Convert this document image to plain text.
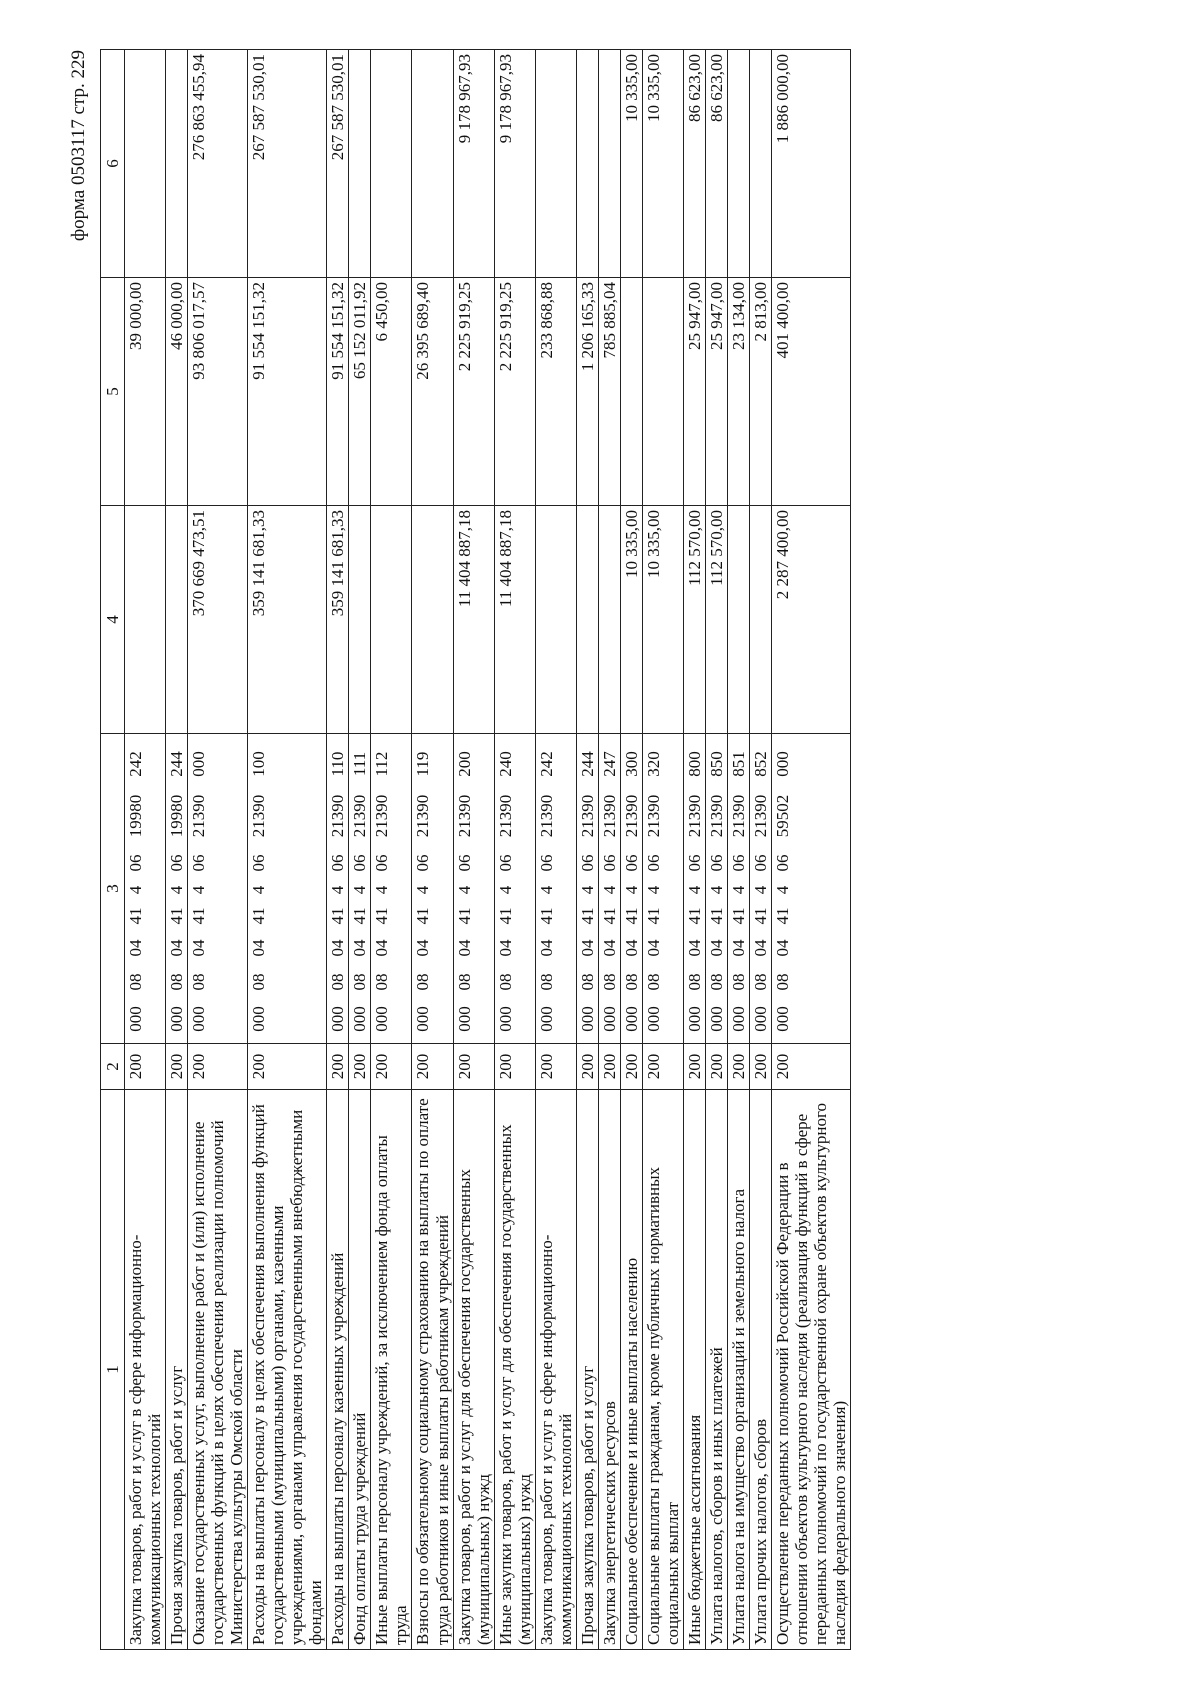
форма 0503117 стр. 229
1	2	3	4	5	6
Закупка товаров, работ и услуг в сфере информационно-коммуникационных технологий	200	00008044140619980242		39 000,00	
Прочая закупка товаров, работ и услуг	200	00008044140619980244		46 000,00	
Оказание государственных услуг, выполнение работ и (или) исполнение государственных функций в целях обеспечения реализации полномочий Министерства культуры Омской области	200	00008044140621390000	370 669 473,51	93 806 017,57	276 863 455,94
Расходы на выплаты персоналу в целях обеспечения выполнения функций государственными (муниципальными) органами, казенными учреждениями, органами управления государственными внебюджетными фондами	200	00008044140621390100	359 141 681,33	91 554 151,32	267 587 530,01
Расходы на выплаты персоналу казенных учреждений	200	00008044140621390110	359 141 681,33	91 554 151,32	267 587 530,01
Фонд оплаты труда учреждений	200	00008044140621390111		65 152 011,92	
Иные выплаты персоналу учреждений, за исключением фонда оплаты труда	200	00008044140621390112		6 450,00	
Взносы по обязательному социальному страхованию на выплаты по оплате труда работников и иные выплаты работникам учреждений	200	00008044140621390119		26 395 689,40	
Закупка товаров, работ и услуг для обеспечения государственных (муниципальных) нужд	200	00008044140621390200	11 404 887,18	2 225 919,25	9 178 967,93
Иные закупки товаров, работ и услуг для обеспечения государственных (муниципальных) нужд	200	00008044140621390240	11 404 887,18	2 225 919,25	9 178 967,93
Закупка товаров, работ и услуг в сфере информационно-коммуникационных технологий	200	00008044140621390242		233 868,88	
Прочая закупка товаров, работ и услуг	200	00008044140621390244		1 206 165,33	
Закупка энергетических ресурсов	200	00008044140621390247		785 885,04	
Социальное обеспечение и иные выплаты населению	200	00008044140621390300	10 335,00		10 335,00
Социальные выплаты гражданам, кроме публичных нормативных социальных выплат	200	00008044140621390320	10 335,00		10 335,00
Иные бюджетные ассигнования	200	00008044140621390800	112 570,00	25 947,00	86 623,00
Уплата налогов, сборов и иных платежей	200	00008044140621390850	112 570,00	25 947,00	86 623,00
Уплата налога на имущество организаций и земельного налога	200	00008044140621390851		23 134,00	
Уплата прочих налогов, сборов	200	00008044140621390852		2 813,00	
Осуществление переданных полномочий Российской Федерации в отношении объектов культурного наследия (реализация функций в сфере переданных полномочий по государственной охране объектов культурного наследия федерального значения)	200	00008044140659502000	2 287 400,00	401 400,00	1 886 000,00
